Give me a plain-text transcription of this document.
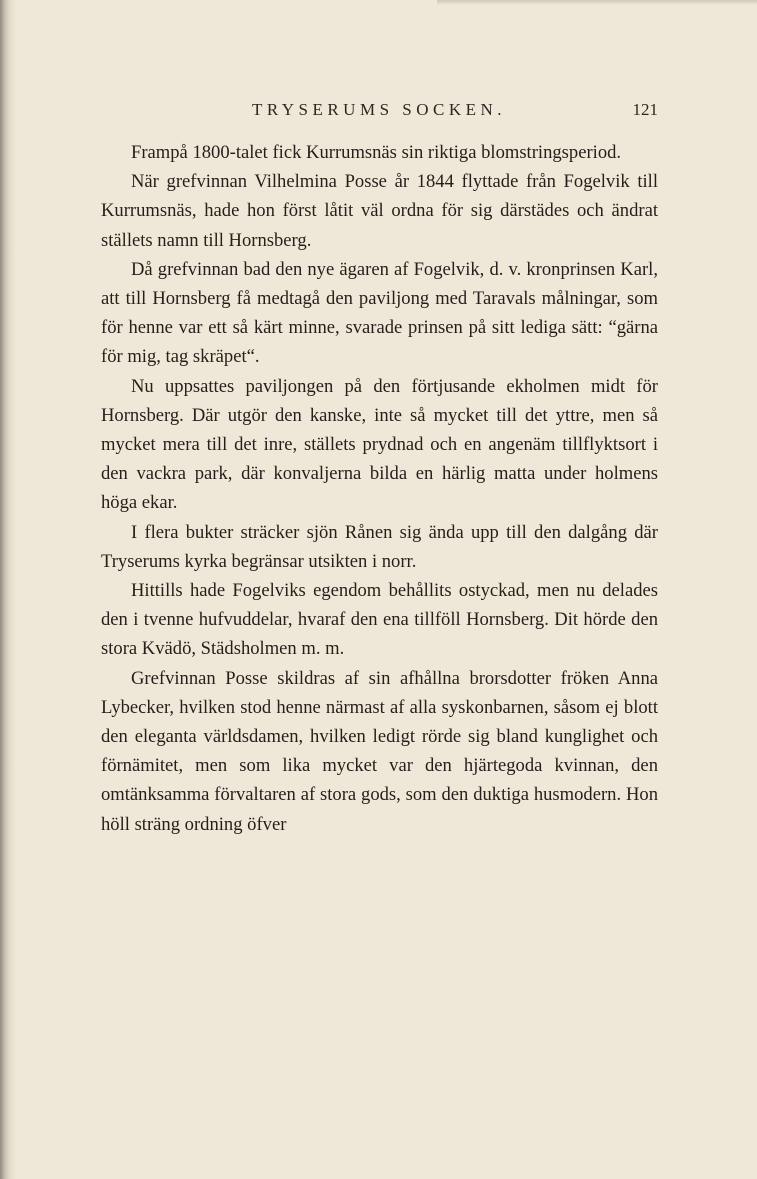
TRYSERUMS SOCKEN.	121

Frampå 1800-talet fick Kurrumsnäs sin riktiga blomstringsperiod.

När grefvinnan Vilhelmina Posse år 1844 flyttade från Fogelvik till Kurrumsnäs, hade hon först låtit väl ordna för sig därstädes och ändrat ställets namn till Hornsberg.

Då grefvinnan bad den nye ägaren af Fogelvik, d. v. kronprinsen Karl, att till Hornsberg få medtagå den paviljong med Taravals målningar, som för henne var ett så kärt minne, svarade prinsen på sitt lediga sätt: “gärna för mig, tag skräpet“.

Nu uppsattes paviljongen på den förtjusande ekholmen midt för Hornsberg. Där utgör den kanske, inte så mycket till det yttre, men så mycket mera till det inre, ställets prydnad och en angenäm tillflyktsort i den vackra park, där konvaljerna bilda en härlig matta under holmens höga ekar.

I flera bukter sträcker sjön Rånen sig ända upp till den dalgång där Tryserums kyrka begränsar utsikten i norr.

Hittills hade Fogelviks egendom behållits ostyckad, men nu delades den i tvenne hufvuddelar, hvaraf den ena tillföll Hornsberg. Dit hörde den stora Kvädö, Städsholmen m. m.

Grefvinnan Posse skildras af sin afhållna brorsdotter fröken Anna Lybecker, hvilken stod henne närmast af alla syskonbarnen, såsom ej blott den eleganta världsdamen, hvilken ledigt rörde sig bland kunglighet och förnämitet, men som lika mycket var den hjärtegoda kvinnan, den omtänksamma förvaltaren af stora gods, som den duktiga husmodern. Hon höll sträng ordning öfver
